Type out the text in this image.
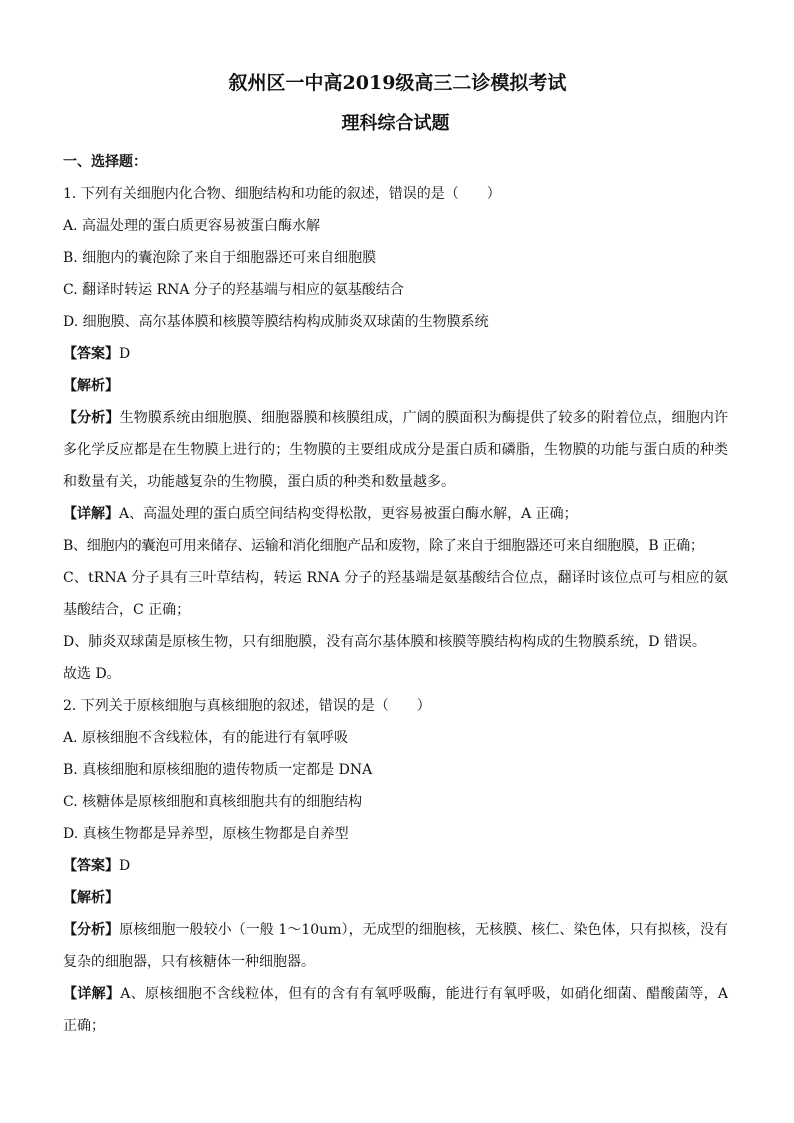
叙州区一中高2019级高三二诊模拟考试
理科综合试题
一、选择题：
1. 下列有关细胞内化合物、细胞结构和功能的叙述，错误的是（　　）
A. 高温处理的蛋白质更容易被蛋白酶水解
B. 细胞内的囊泡除了来自于细胞器还可来自细胞膜
C. 翻译时转运 RNA 分子的羟基端与相应的氨基酸结合
D. 细胞膜、高尔基体膜和核膜等膜结构构成肺炎双球菌的生物膜系统
【答案】D
【解析】
【分析】生物膜系统由细胞膜、细胞器膜和核膜组成，广阔的膜面积为酶提供了较多的附着位点，细胞内许多化学反应都是在生物膜上进行的；生物膜的主要组成成分是蛋白质和磷脂，生物膜的功能与蛋白质的种类和数量有关，功能越复杂的生物膜，蛋白质的种类和数量越多。
【详解】A、高温处理的蛋白质空间结构变得松散，更容易被蛋白酶水解，A 正确；
B、细胞内的囊泡可用来储存、运输和消化细胞产品和废物，除了来自于细胞器还可来自细胞膜，B 正确；
C、tRNA 分子具有三叶草结构，转运 RNA 分子的羟基端是氨基酸结合位点，翻译时该位点可与相应的氨基酸结合，C 正确；
D、肺炎双球菌是原核生物，只有细胞膜，没有高尔基体膜和核膜等膜结构构成的生物膜系统，D 错误。
故选 D。
2. 下列关于原核细胞与真核细胞的叙述，错误的是（　　）
A. 原核细胞不含线粒体，有的能进行有氧呼吸
B. 真核细胞和原核细胞的遗传物质一定都是 DNA
C. 核糖体是原核细胞和真核细胞共有的细胞结构
D. 真核生物都是异养型，原核生物都是自养型
【答案】D
【解析】
【分析】原核细胞一般较小（一般 1～10um），无成型的细胞核，无核膜、核仁、染色体，只有拟核，没有复杂的细胞器，只有核糖体一种细胞器。
【详解】A、原核细胞不含线粒体，但有的含有有氧呼吸酶，能进行有氧呼吸，如硝化细菌、醋酸菌等，A 正确；
